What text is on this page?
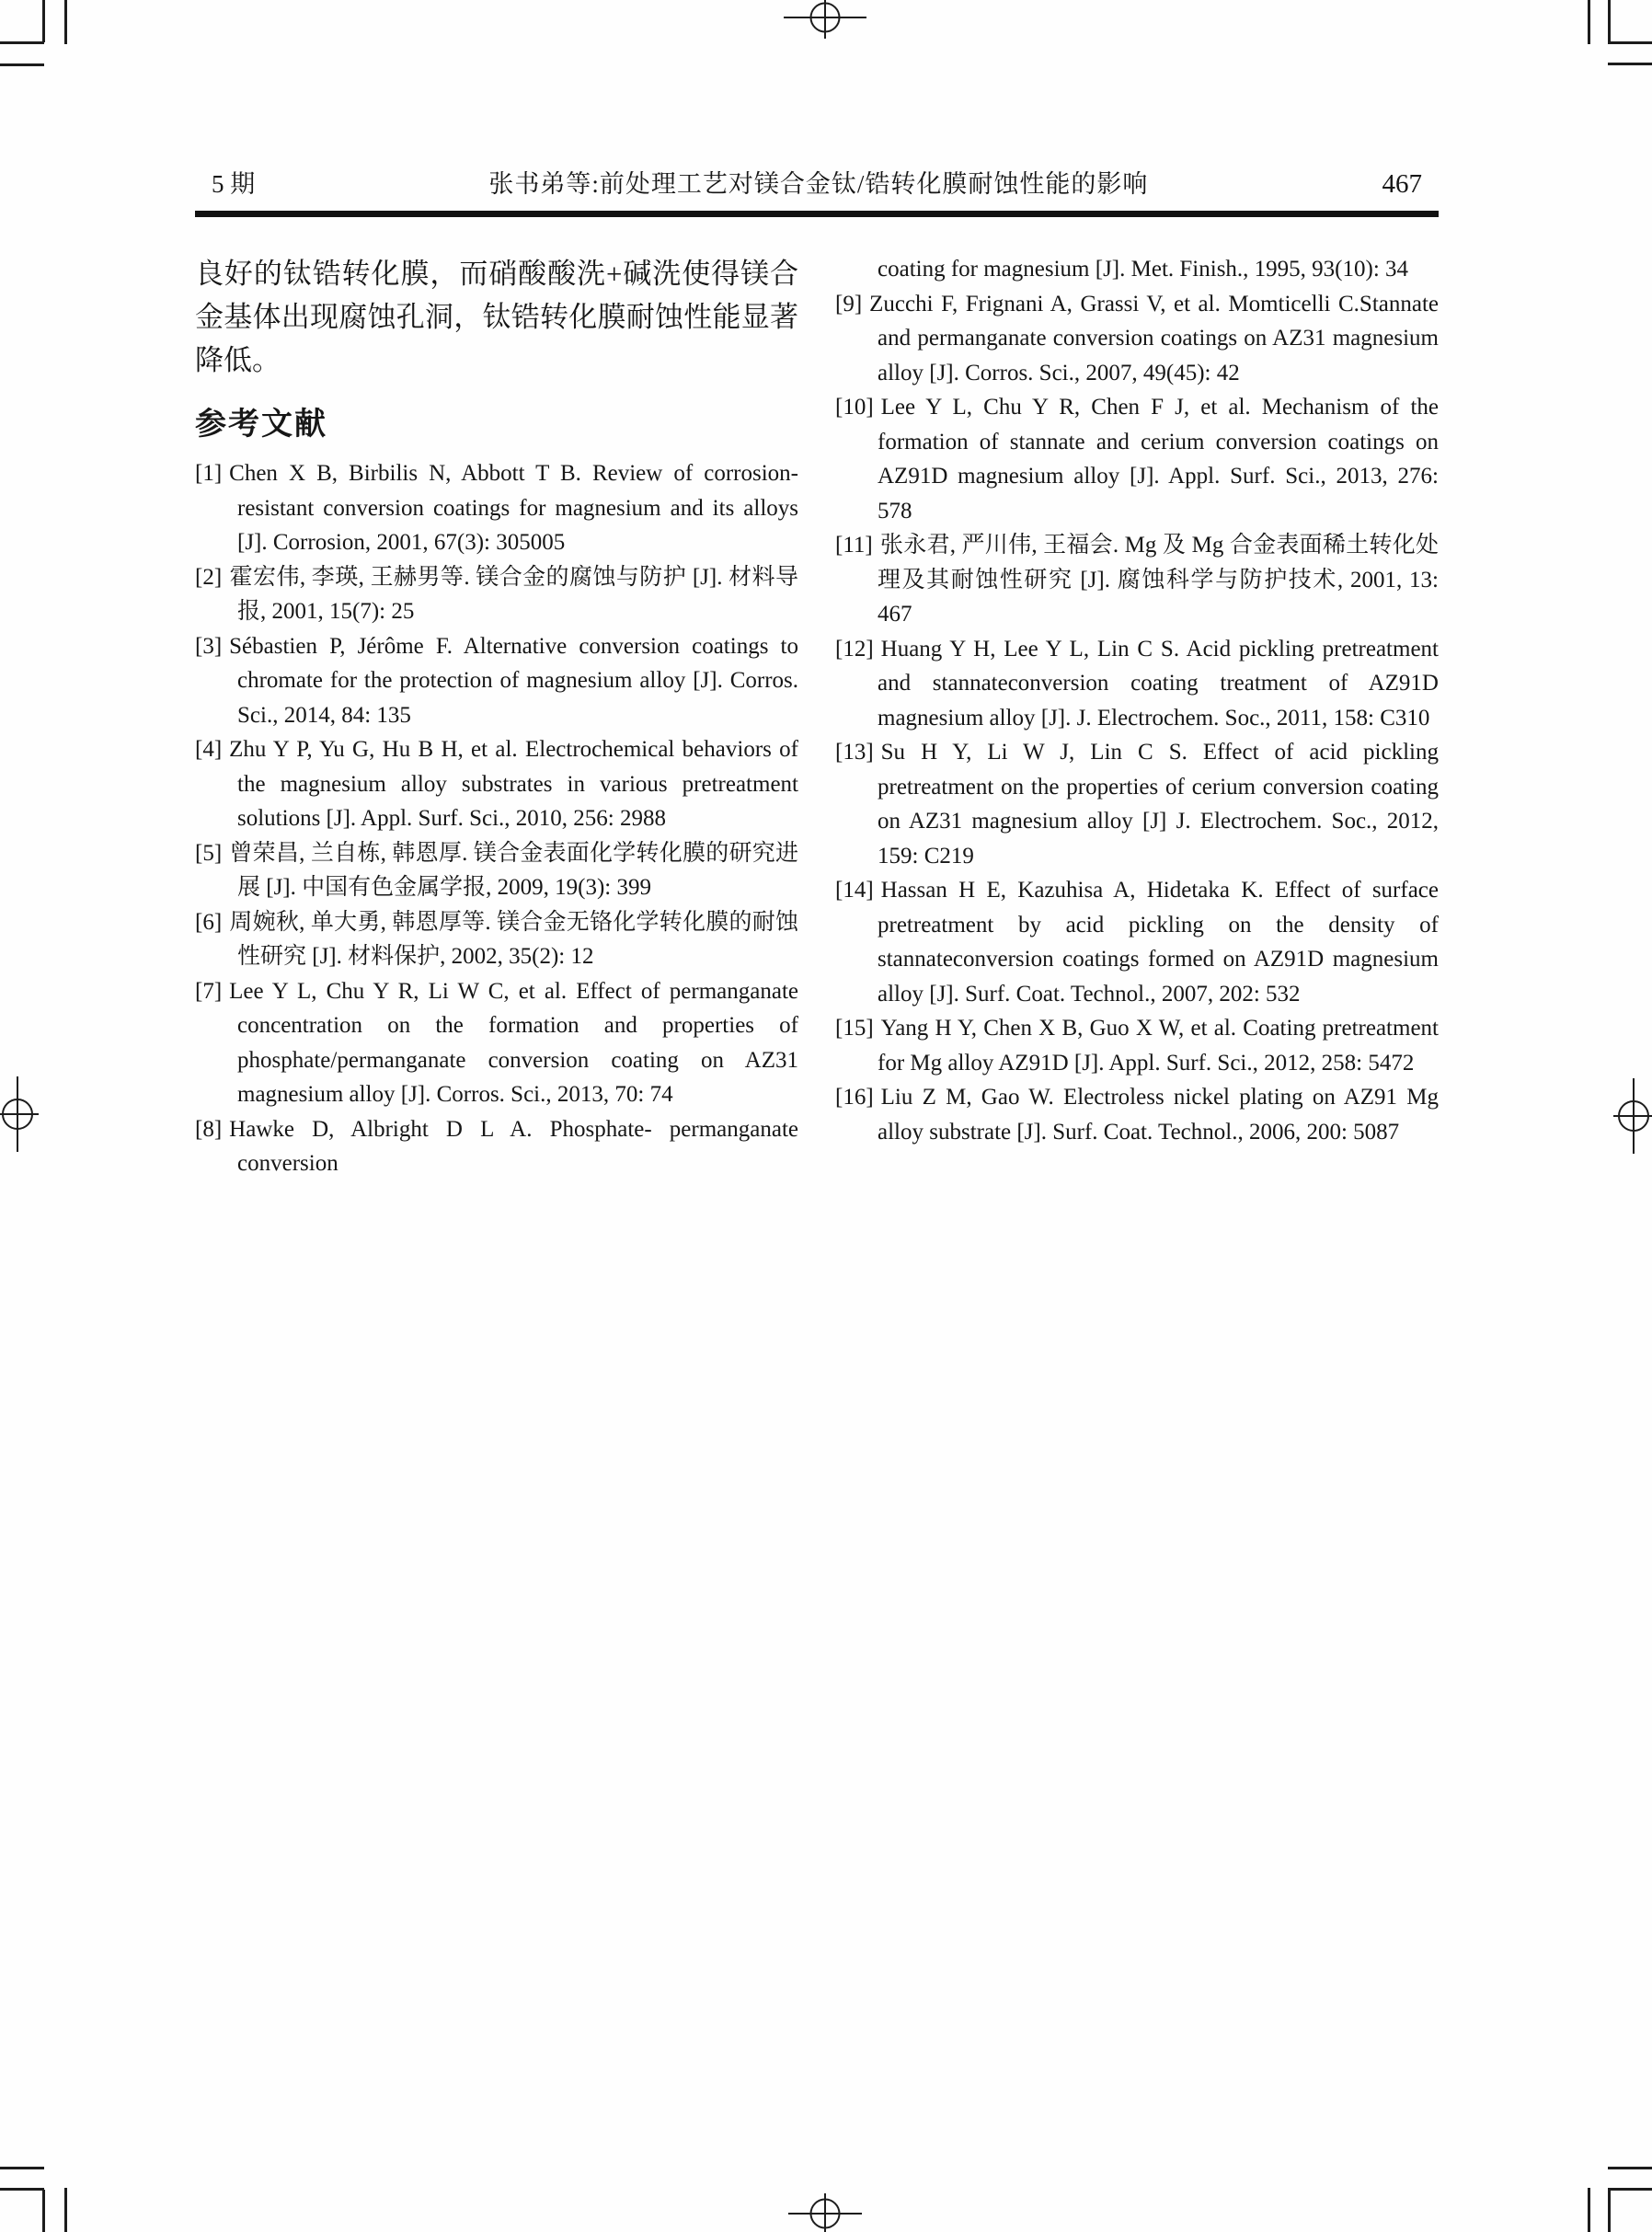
5 期	张书弟等:前处理工艺对镁合金钛/锆转化膜耐蚀性能的影响	467

良好的钛锆转化膜，而硝酸酸洗+碱洗使得镁合金基体出现腐蚀孔洞，钛锆转化膜耐蚀性能显著降低。

参考文献
[1] Chen X B, Birbilis N, Abbott T B. Review of corrosion-resistant conversion coatings for magnesium and its alloys [J]. Corrosion, 2001, 67(3): 305005
[2] 霍宏伟, 李瑛, 王赫男等. 镁合金的腐蚀与防护 [J]. 材料导报, 2001, 15(7): 25
[3] Sébastien P, Jérôme F. Alternative conversion coatings to chromate for the protection of magnesium alloy [J]. Corros. Sci., 2014, 84: 135
[4] Zhu Y P, Yu G, Hu B H, et al. Electrochemical behaviors of the magnesium alloy substrates in various pretreatment solutions [J]. Appl. Surf. Sci., 2010, 256: 2988
[5] 曾荣昌, 兰自栋, 韩恩厚. 镁合金表面化学转化膜的研究进展 [J]. 中国有色金属学报, 2009, 19(3): 399
[6] 周婉秋, 单大勇, 韩恩厚等. 镁合金无铬化学转化膜的耐蚀性研究 [J]. 材料保护, 2002, 35(2): 12
[7] Lee Y L, Chu Y R, Li W C, et al. Effect of permanganate concentration on the formation and properties of phosphate/permanganate conversion coating on AZ31 magnesium alloy [J]. Corros. Sci., 2013, 70: 74
[8] Hawke D, Albright D L A. Phosphate- permanganate conversion
coating for magnesium [J]. Met. Finish., 1995, 93(10): 34
[9] Zucchi F, Frignani A, Grassi V, et al. Momticelli C.Stannate and permanganate conversion coatings on AZ31 magnesium alloy [J]. Corros. Sci., 2007, 49(45): 42
[10] Lee Y L, Chu Y R, Chen F J, et al. Mechanism of the formation of stannate and cerium conversion coatings on AZ91D magnesium alloy [J]. Appl. Surf. Sci., 2013, 276: 578
[11] 张永君, 严川伟, 王福会. Mg 及 Mg 合金表面稀土转化处理及其耐蚀性研究 [J]. 腐蚀科学与防护技术, 2001, 13: 467
[12] Huang Y H, Lee Y L, Lin C S. Acid pickling pretreatment and stannateconversion coating treatment of AZ91D magnesium alloy [J]. J. Electrochem. Soc., 2011, 158: C310
[13] Su H Y, Li W J, Lin C S. Effect of acid pickling pretreatment on the properties of cerium conversion coating on AZ31 magnesium alloy [J] J. Electrochem. Soc., 2012, 159: C219
[14] Hassan H E, Kazuhisa A, Hidetaka K. Effect of surface pretreatment by acid pickling on the density of stannateconversion coatings formed on AZ91D magnesium alloy [J]. Surf. Coat. Technol., 2007, 202: 532
[15] Yang H Y, Chen X B, Guo X W, et al. Coating pretreatment for Mg alloy AZ91D [J]. Appl. Surf. Sci., 2012, 258: 5472
[16] Liu Z M, Gao W. Electroless nickel plating on AZ91 Mg alloy substrate [J]. Surf. Coat. Technol., 2006, 200: 5087
